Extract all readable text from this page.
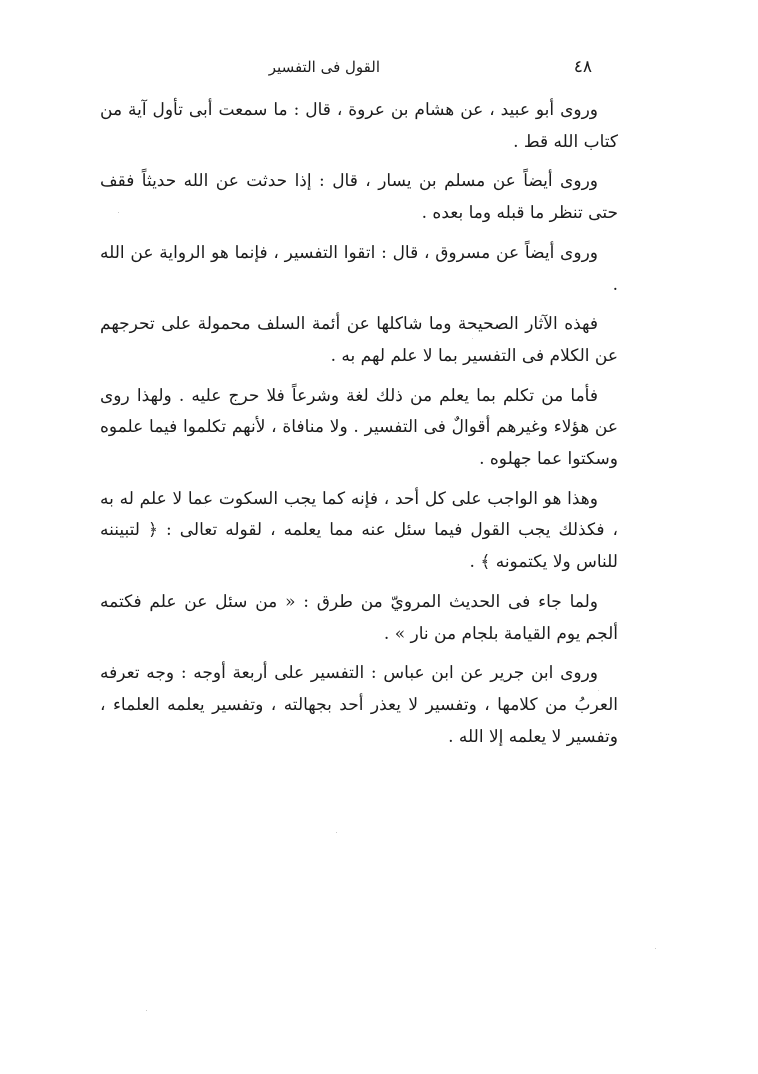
٤٨
القول فى التفسير

وروى أبو عبيد ، عن هشام بن عروة ، قال : ما سمعت أبى تأول آية من كتاب الله قط .

وروى أيضاً عن مسلم بن يسار ، قال : إذا حدثت عن الله حديثاً فقف حتى تنظر ما قبله وما بعده .

وروى أيضاً عن مسروق ، قال : اتقوا التفسير ، فإنما هو الرواية عن الله .

فهذه الآثار الصحيحة وما شاكلها عن أئمة السلف محمولة على تحرجهم عن الكلام فى التفسير بما لا علم لهم به .

فأما من تكلم بما يعلم من ذلك لغة وشرعاً فلا حرج عليه . ولهذا روى عن هؤلاء وغيرهم أقوالٌ فى التفسير . ولا منافاة ، لأنهم تكلموا فيما علموه وسكتوا عما جهلوه .

وهذا هو الواجب على كل أحد ، فإنه كما يجب السكوت عما لا علم له به ، فكذلك يجب القول فيما سئل عنه مما يعلمه ، لقوله تعالى : ﴿ لتبيننه للناس ولا يكتمونه ﴾ .

ولما جاء فى الحديث المرويّ من طرق : « من سئل عن علم فكتمه ألجم يوم القيامة بلجام من نار » .

وروى ابن جرير عن ابن عباس : التفسير على أربعة أوجه : وجه تعرفه العربُ من كلامها ، وتفسير لا يعذر أحد بجهالته ، وتفسير يعلمه العلماء ، وتفسير لا يعلمه إلا الله .
